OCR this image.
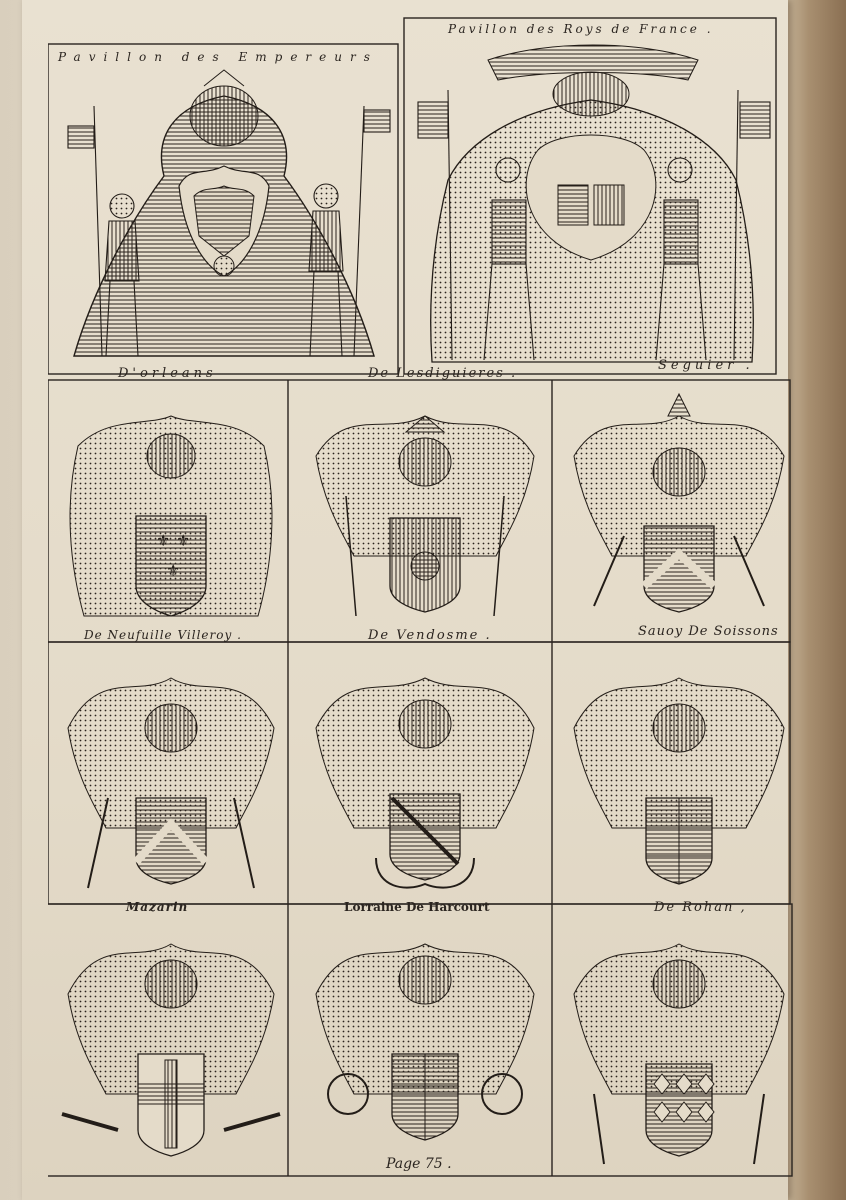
Pavillon des Empereurs
Pavillon des Roys de France .
D'orleans	De Lesdiguieres .
Seguier .
De Neufuille Villeroy .	De Vendosme .	Sauoy De Soissons
Mazarin	Lorraine De Harcourt	De Rohan ,
⚜ ⚜
⚜
Page 75 .
